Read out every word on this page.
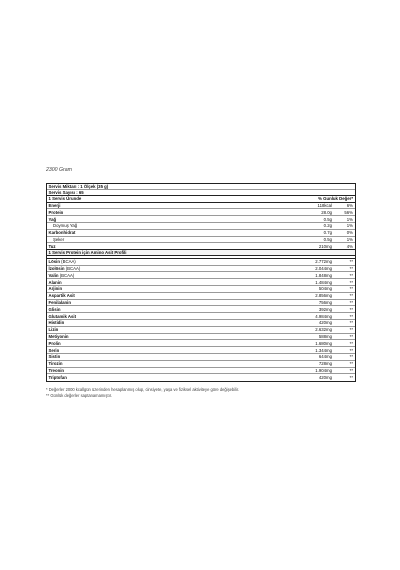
2300 Gram
Servis Miktarı : 1 Ölçek (35 g)
Servis Sayısı : 65
1 Servis Ürunde	% Gunluk Değer*
Enerji	118kcal	6%
Protein	28.0g	56%
Yağ	0.5g	1%
Doymuş Yağ	0.2g	1%
Karbonhidrat	0.7g	0%
Şeker	0.5g	1%
Tuz	210mg	4%
1 Servis Protein için Amino Asit Profili
Lösin (BCAA)	2.772mg	**
İzolösin (BCAA)	2.044mg	**
Valin (BCAA)	1.848mg	**
Alanin	1.484mg	**
Arjinin	504mg	**
Aspartik Asit	2.856mg	**
Fenilalanin	756mg	**
Glisin	392mg	**
Glutamik Asit	4.984mg	**
Histidin	420mg	**
Lizin	2.632mg	**
Metiyonin	588mg	**
Prolin	1.680mg	**
Serin	1.344mg	**
Sistin	644mg	**
Tirozin	728mg	**
Treonin	1.904mg	**
Triptofan	420mg	**
* Değerler 2000 kcallgün üzerinden hesaplanmış olup, cinsiyete, yaşa ve fiziksel aktiviteye göre değişebilir.
** Günlük değerler saptanamamıştır.
